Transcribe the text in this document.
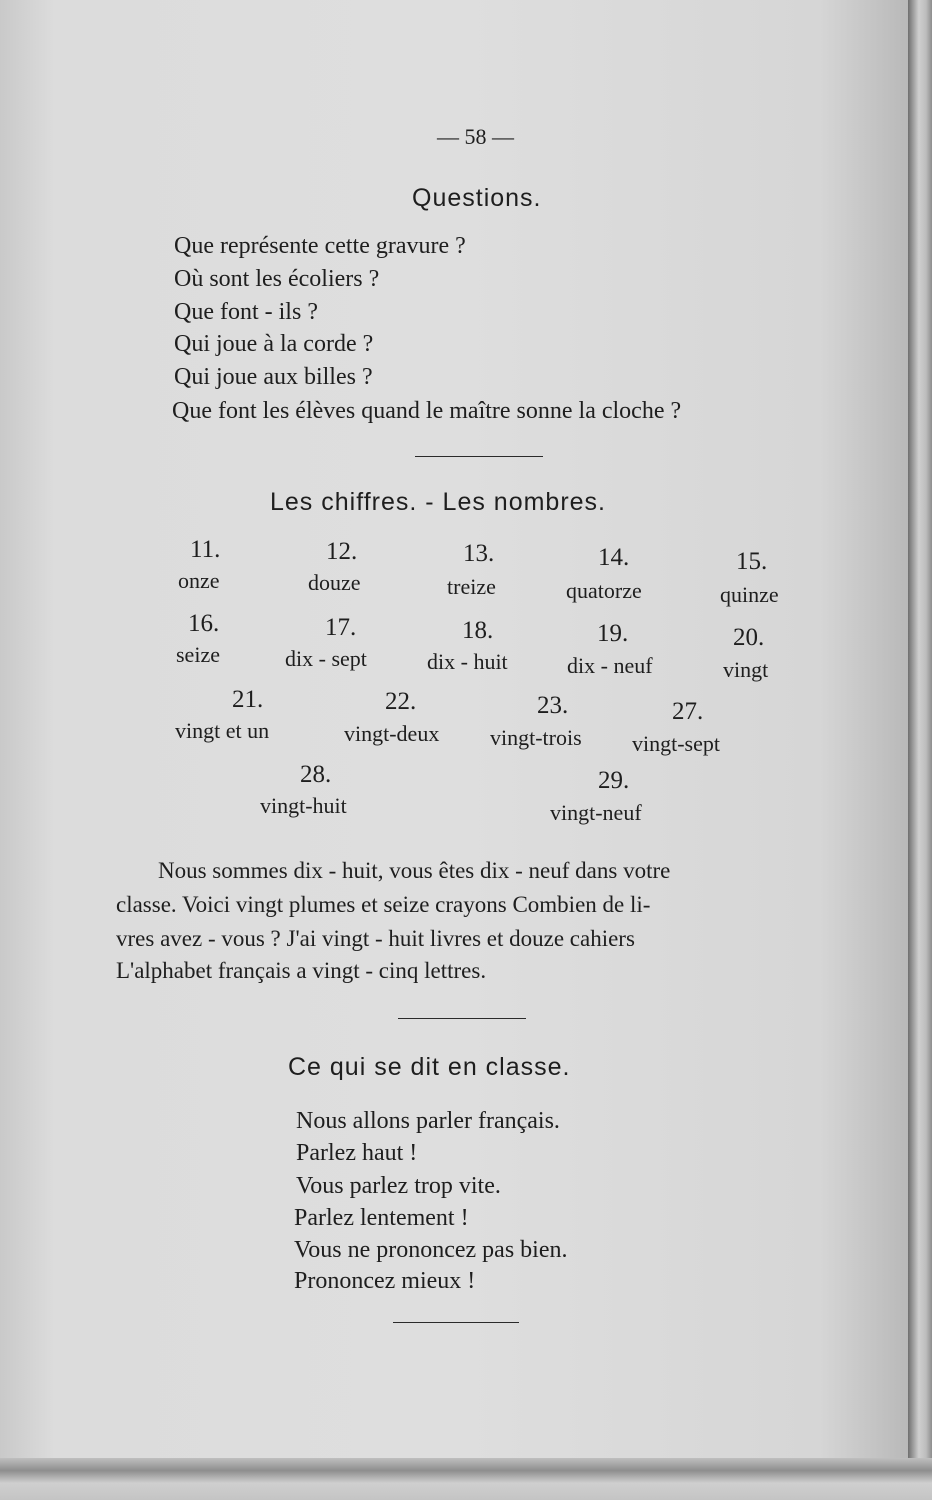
— 58 —
Questions.
Que représente cette gravure ?
Où sont les écoliers ?
Que font - ils ?
Qui joue à la corde ?
Qui joue aux billes ?
Que font les élèves quand le maître sonne la cloche ?
Les chiffres. - Les nombres.
11.
onze
12.
douze
13.
treize
14.
quatorze
15.
quinze
16.
seize
17.
dix - sept
18.
dix - huit
19.
dix - neuf
20.
vingt
21.
vingt et un
22.
vingt-deux
23.
vingt-trois
27.
vingt-sept
28.
vingt-huit
29.
vingt-neuf
Nous sommes dix - huit, vous êtes dix - neuf dans votre
classe. Voici vingt plumes et seize crayons Combien de li-
vres avez - vous ? J'ai vingt - huit livres et douze cahiers
L'alphabet français a vingt - cinq lettres.
Ce qui se dit en classe.
Nous allons parler français.
Parlez haut !
Vous parlez trop vite.
Parlez lentement !
Vous ne prononcez pas bien.
Prononcez mieux !
